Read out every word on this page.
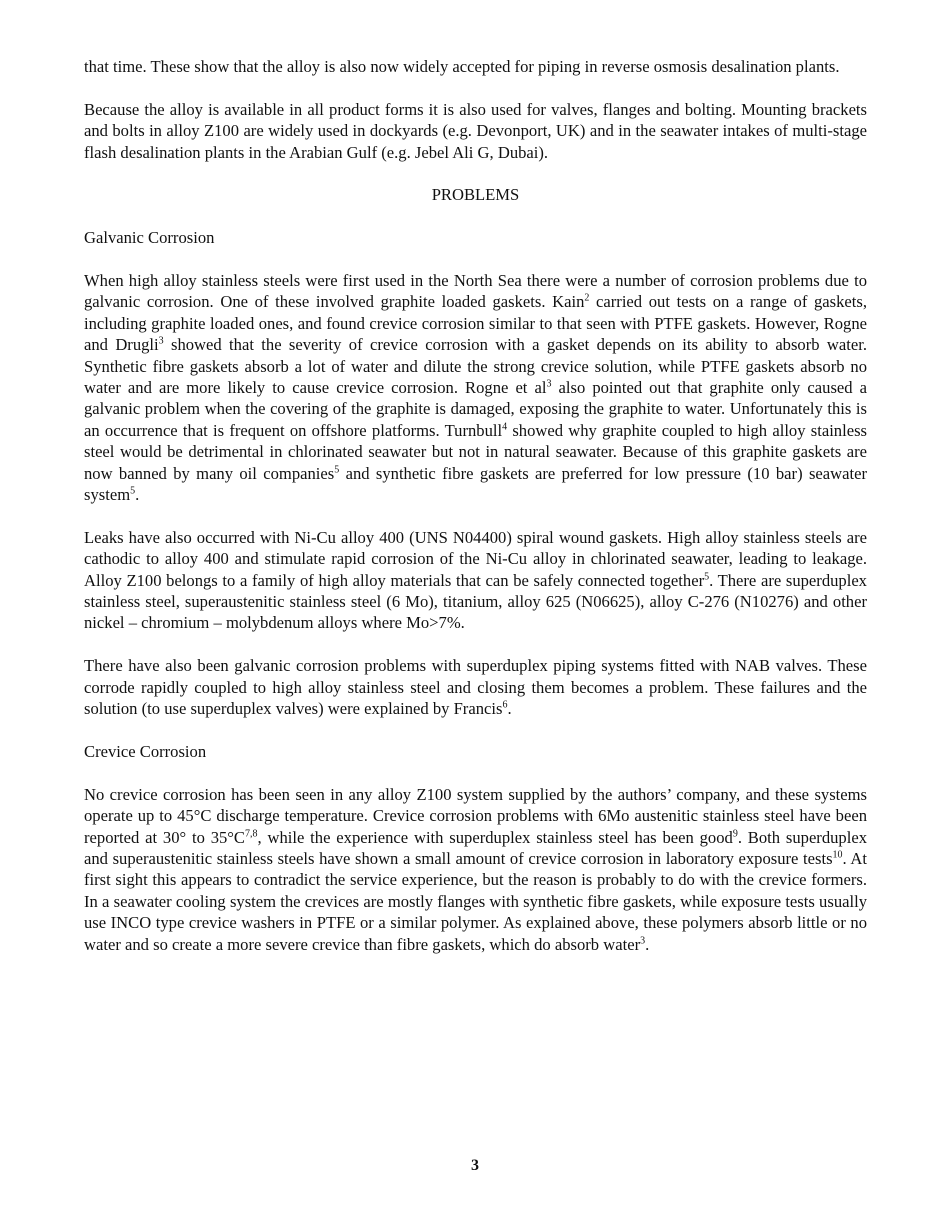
that time. These show that the alloy is also now widely accepted for piping in reverse osmosis desalination plants.

Because the alloy is available in all product forms it is also used for valves, flanges and bolting. Mounting brackets and bolts in alloy Z100 are widely used in dockyards (e.g. Devonport, UK) and in the seawater intakes of multi-stage flash desalination plants in the Arabian Gulf (e.g. Jebel Ali G, Dubai).

PROBLEMS
Galvanic Corrosion

When high alloy stainless steels were first used in the North Sea there were a number of corrosion problems due to galvanic corrosion. One of these involved graphite loaded gaskets. Kain$^2$ carried out tests on a range of gaskets, including graphite loaded ones, and found crevice corrosion similar to that seen with PTFE gaskets. However, Rogne and Drugli$^3$ showed that the severity of crevice corrosion with a gasket depends on its ability to absorb water. Synthetic fibre gaskets absorb a lot of water and dilute the strong crevice solution, while PTFE gaskets absorb no water and are more likely to cause crevice corrosion. Rogne et $al^3$ also pointed out that graphite only caused a galvanic problem when the covering of the graphite is damaged, exposing the graphite to water. Unfortunately this is an occurrence that is frequent on offshore platforms. Turnbull$^4$ showed why graphite coupled to high alloy stainless steel would be detrimental in chlorinated seawater but not in natural seawater. Because of this graphite gaskets are now banned by many oil companies$^5$ and synthetic fibre gaskets are preferred for low pressure (10 bar) seawater system$^5$.

Leaks have also occurred with Ni-Cu alloy 400 (UNS N04400) spiral wound gaskets. High alloy stainless steels are cathodic to alloy 400 and stimulate rapid corrosion of the Ni-Cu alloy in chlorinated seawater, leading to leakage. Alloy Z100 belongs to a family of high alloy materials that can be safely connected together$^5$. There are superduplex stainless steel, superaustenitic stainless steel (6 Mo), titanium, alloy 625 (N06625), alloy C-276 (N10276) and other nickel – chromium – molybdenum alloys where Mo>7%.

There have also been galvanic corrosion problems with superduplex piping systems fitted with NAB valves. These corrode rapidly coupled to high alloy stainless steel and closing them becomes a problem. These failures and the solution (to use superduplex valves) were explained by Francis$^6$.

Crevice Corrosion

No crevice corrosion has been seen in any alloy Z100 system supplied by the authors’ company, and these systems operate up to 45°C discharge temperature. Crevice corrosion problems with 6Mo austenitic stainless steel have been reported at 30° to $35^\circ C^{7,8}$, while the experience with superduplex stainless steel has been good$^9$. Both superduplex and superaustenitic stainless steels have shown a small amount of crevice corrosion in laboratory exposure tests$^{10}$. At first sight this appears to contradict the service experience, but the reason is probably to do with the crevice formers. In a seawater cooling system the crevices are mostly flanges with synthetic fibre gaskets, while exposure tests usually use INCO type crevice washers in PTFE or a similar polymer. As explained above, these polymers absorb little or no water and so create a more severe crevice than fibre gaskets, which do absorb water$^3$.

3
